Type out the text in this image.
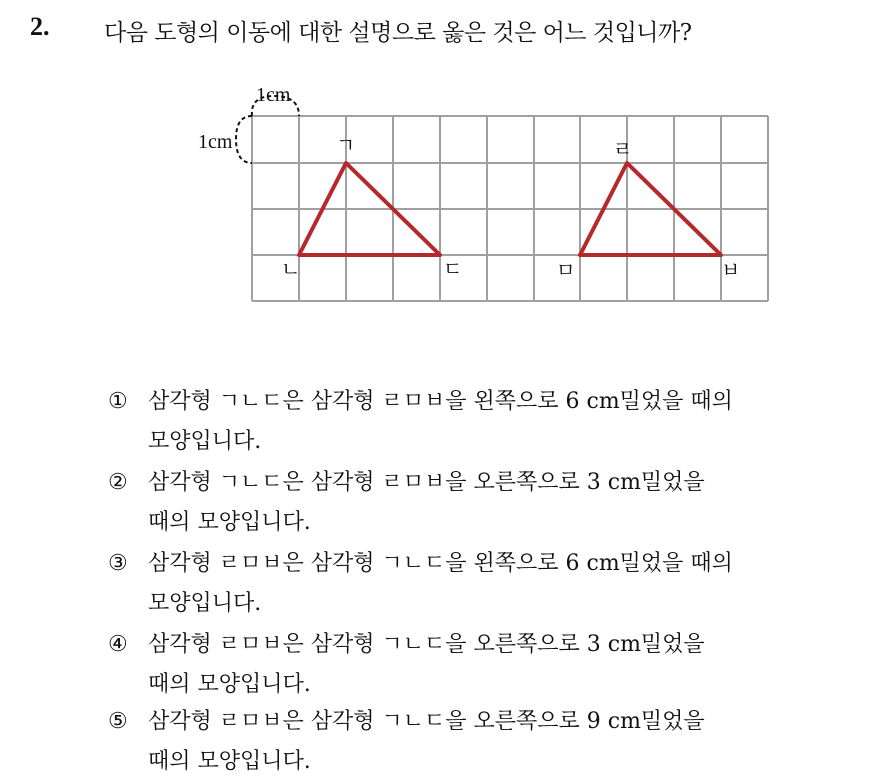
2. 다음 도형의 이동에 대한 설명으로 옳은 것은 어느 것입니까?
1cm
1cm	ㄱ
ㄴ	ㄷ
ㄹ
ㅁ	ㅂ
① 삼각형 ㄱㄴㄷ은 삼각형 ㄹㅁㅂ을 왼쪽으로 6 cm밀었을 때의
모양입니다.
② 삼각형 ㄱㄴㄷ은 삼각형 ㄹㅁㅂ을 오른쪽으로 3 cm밀었을
때의 모양입니다.
③ 삼각형 ㄹㅁㅂ은 삼각형 ㄱㄴㄷ을 왼쪽으로 6 cm밀었을 때의
모양입니다.
④ 삼각형 ㄹㅁㅂ은 삼각형 ㄱㄴㄷ을 오른쪽으로 3 cm밀었을
때의 모양입니다.
⑤ 삼각형 ㄹㅁㅂ은 삼각형 ㄱㄴㄷ을 오른쪽으로 9 cm밀었을
때의 모양입니다.
